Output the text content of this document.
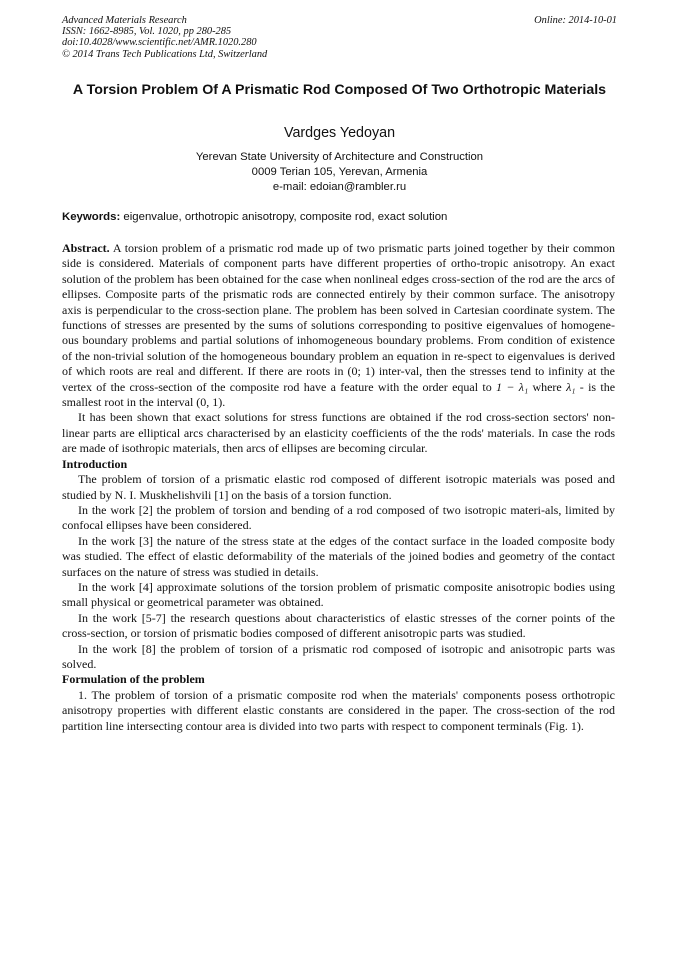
Advanced Materials Research
ISSN: 1662-8985, Vol. 1020, pp 280-285
doi:10.4028/www.scientific.net/AMR.1020.280
© 2014 Trans Tech Publications Ltd, Switzerland
Online: 2014-10-01
A Torsion Problem Of A Prismatic Rod Composed Of Two Orthotropic Materials
Vardges Yedoyan
Yerevan State University of Architecture and Construction
0009 Terian 105, Yerevan, Armenia
e-mail: edoian@rambler.ru
Keywords: eigenvalue, orthotropic anisotropy, composite rod, exact solution

Abstract. A torsion problem of a prismatic rod made up of two prismatic parts joined together by their common side is considered. Materials of component parts have different properties of ortho-tropic anisotropy. An exact solution of the problem has been obtained for the case when nonlineal edges cross-section of the rod are the arcs of ellipses. Composite parts of the prismatic rods are connected entirely by their common surface. The anisotropy axis is perpendicular to the cross-section plane. The problem has been solved in Cartesian coordinate system. The functions of stresses are presented by the sums of solutions corresponding to positive eigenvalues of homogene-ous boundary problems and partial solutions of inhomogeneous boundary problems. From condition of existence of the non-trivial solution of the homogeneous boundary problem an equation in re-spect to eigenvalues is derived of which roots are real and different. If there are roots in (0; 1) inter-val, then the stresses tend to infinity at the vertex of the cross-section of the composite rod have a feature with the order equal to 1 − λ₁ where λ₁ - is the smallest root in the interval (0, 1).

It has been shown that exact solutions for stress functions are obtained if the rod cross-section sectors' non-linear parts are elliptical arcs characterised by an elasticity coefficients of the the rods' materials. In case the rods are made of isothropic materials, then arcs of ellipses are becoming circular.

Introduction

The problem of torsion of a prismatic elastic rod composed of different isotropic materials was posed and studied by N. I. Muskhelishvili [1] on the basis of a torsion function.

In the work [2] the problem of torsion and bending of a rod composed of two isotropic materi-als, limited by confocal ellipses have been considered.

In the work [3] the nature of the stress state at the edges of the contact surface in the loaded composite body was studied. The effect of elastic deformability of the materials of the joined bodies and geometry of the contact surfaces on the nature of stress was studied in details.

In the work [4] approximate solutions of the torsion problem of prismatic composite anisotropic bodies using small physical or geometrical parameter was obtained.

In the work [5-7] the research questions about characteristics of elastic stresses of the corner points of the cross-section, or torsion of prismatic bodies composed of different anisotropic parts was studied.

In the work [8] the problem of torsion of a prismatic rod composed of isotropic and anisotropic parts was solved.

Formulation of the problem

1. The problem of torsion of a prismatic composite rod when the materials' components posess orthotropic anisotropy properties with different elastic constants are considered in the paper. The cross-section of the rod partition line intersecting contour area is divided into two parts with respect to component terminals (Fig. 1).
